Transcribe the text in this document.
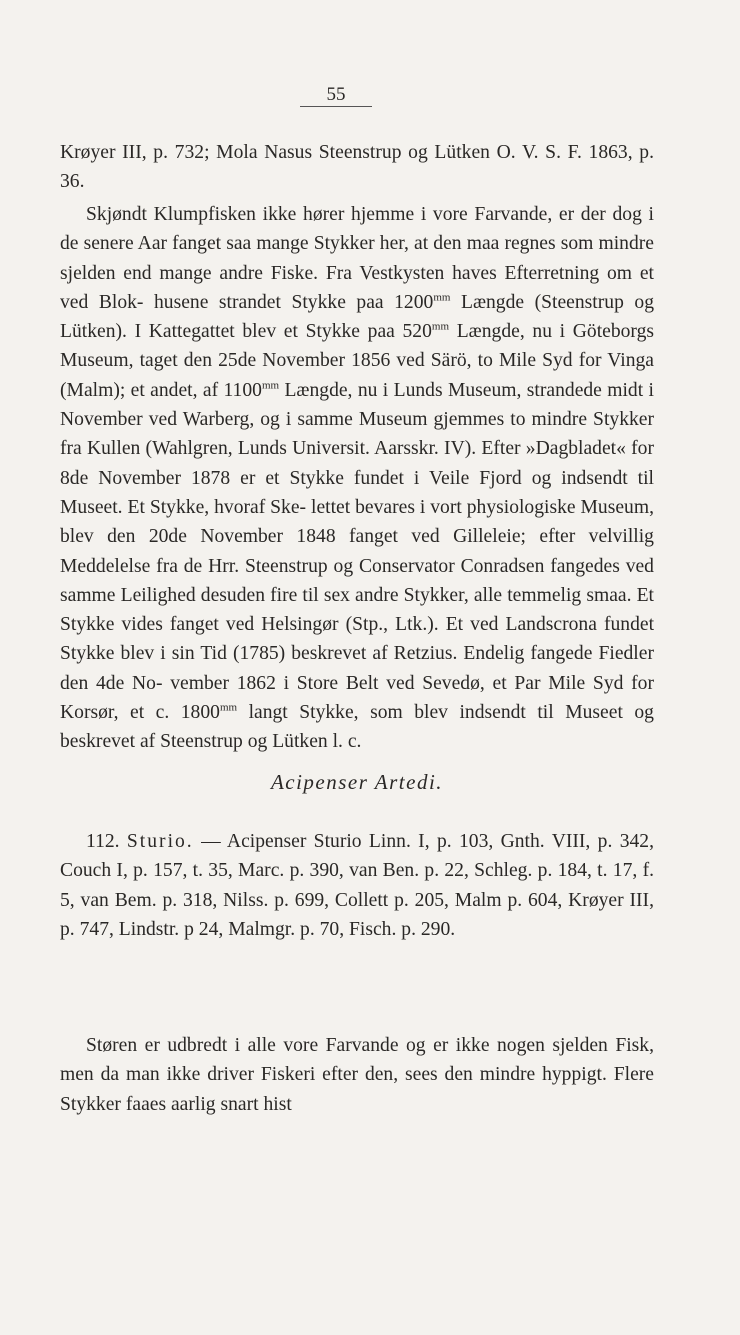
55

Krøyer III, p. 732; Mola Nasus Steenstrup og Lütken O. V. S. F. 1863, p. 36.

Skjøndt Klumpfisken ikke hører hjemme i vore Farvande, er der dog i de senere Aar fanget saa mange Stykker her, at den maa regnes som mindre sjelden end mange andre Fiske. Fra Vestkysten haves Efterretning om et ved Blok- husene strandet Stykke paa $1200^{mm}$ Længde (Steenstrup og Lütken). I Kattegattet blev et Stykke paa $520^{mm}$ Længde, nu i Göteborgs Museum, taget den 25de November 1856 ved Särö, to Mile Syd for Vinga (Malm); et andet, af $1100^{mm}$ Længde, nu i Lunds Museum, strandede midt i November ved Warberg, og i samme Museum gjemmes to mindre Stykker fra Kullen (Wahlgren, Lunds Universit. Aarsskr. IV). Efter »Dagbladet« for 8de November 1878 er et Stykke fundet i Veile Fjord og indsendt til Museet. Et Stykke, hvoraf Ske- lettet bevares i vort physiologiske Museum, blev den 20de November 1848 fanget ved Gilleleie; efter velvillig Meddelelse fra de Hrr. Steenstrup og Conservator Conradsen fangedes ved samme Leilighed desuden fire til sex andre Stykker, alle temmelig smaa. Et Stykke vides fanget ved Helsingør (Stp., Ltk.). Et ved Landscrona fundet Stykke blev i sin Tid (1785) beskrevet af Retzius. Endelig fangede Fiedler den 4de No- vember 1862 i Store Belt ved Sevedø, et Par Mile Syd for Korsør, et c. $1800^{mm}$ langt Stykke, som blev indsendt til Museet og beskrevet af Steenstrup og Lütken l. c.

Acipenser Artedi.

112. Sturio. — Acipenser Sturio Linn. I, p. 103, Gnth. VIII, p. 342, Couch I, p. 157, t. 35, Marc. p. 390, van Ben. p. 22, Schleg. p. 184, t. 17, f. 5, van Bem. p. 318, Nilss. p. 699, Collett p. 205, Malm p. 604, Krøyer III, p. 747, Lindstr. p 24, Malmgr. p. 70, Fisch. p. 290.

Støren er udbredt i alle vore Farvande og er ikke nogen sjelden Fisk, men da man ikke driver Fiskeri efter den, sees den mindre hyppigt. Flere Stykker faaes aarlig snart hist
